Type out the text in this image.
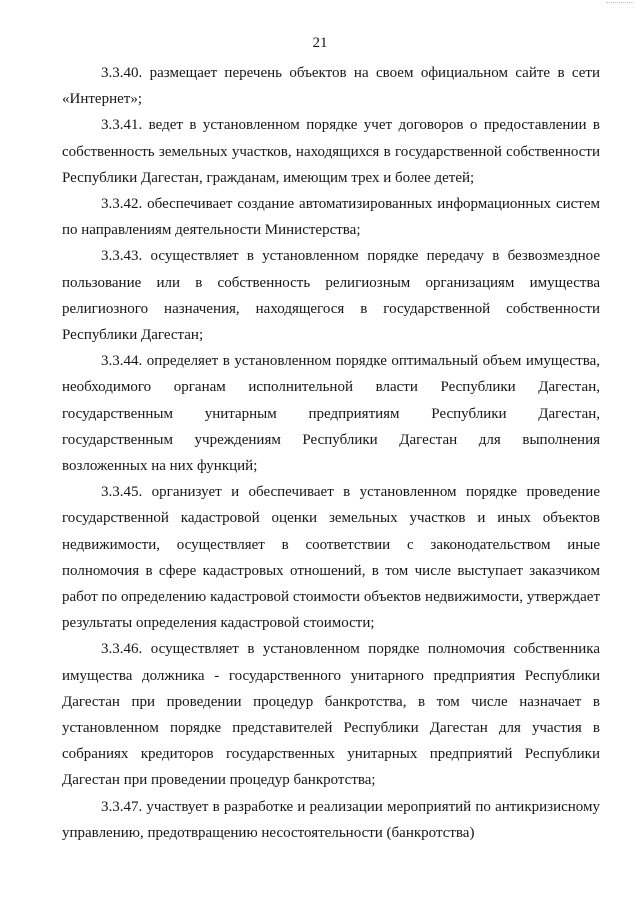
21

3.3.40. размещает перечень объектов на своем официальном сайте в сети «Интернет»;

3.3.41. ведет в установленном порядке учет договоров о предоставлении в собственность земельных участков, находящихся в государственной собственности Республики Дагестан, гражданам, имеющим трех и более детей;

3.3.42. обеспечивает создание автоматизированных информационных систем по направлениям деятельности Министерства;

3.3.43. осуществляет в установленном порядке передачу в безвозмездное пользование или в собственность религиозным организациям имущества религиозного назначения, находящегося в государственной собственности Республики Дагестан;

3.3.44. определяет в установленном порядке оптимальный объем имущества, необходимого органам исполнительной власти Республики Дагестан, государственным унитарным предприятиям Республики Дагестан, государственным учреждениям Республики Дагестан для выполнения возложенных на них функций;

3.3.45. организует и обеспечивает в установленном порядке проведение государственной кадастровой оценки земельных участков и иных объектов недвижимости, осуществляет в соответствии с законодательством иные полномочия в сфере кадастровых отношений, в том числе выступает заказчиком работ по определению кадастровой стоимости объектов недвижимости, утверждает результаты определения кадастровой стоимости;

3.3.46. осуществляет в установленном порядке полномочия собственника имущества должника - государственного унитарного предприятия Республики Дагестан при проведении процедур банкротства, в том числе назначает в установленном порядке представителей Республики Дагестан для участия в собраниях кредиторов государственных унитарных предприятий Республики Дагестан при проведении процедур банкротства;

3.3.47. участвует в разработке и реализации мероприятий по антикризисному управлению, предотвращению несостоятельности (банкротства)
